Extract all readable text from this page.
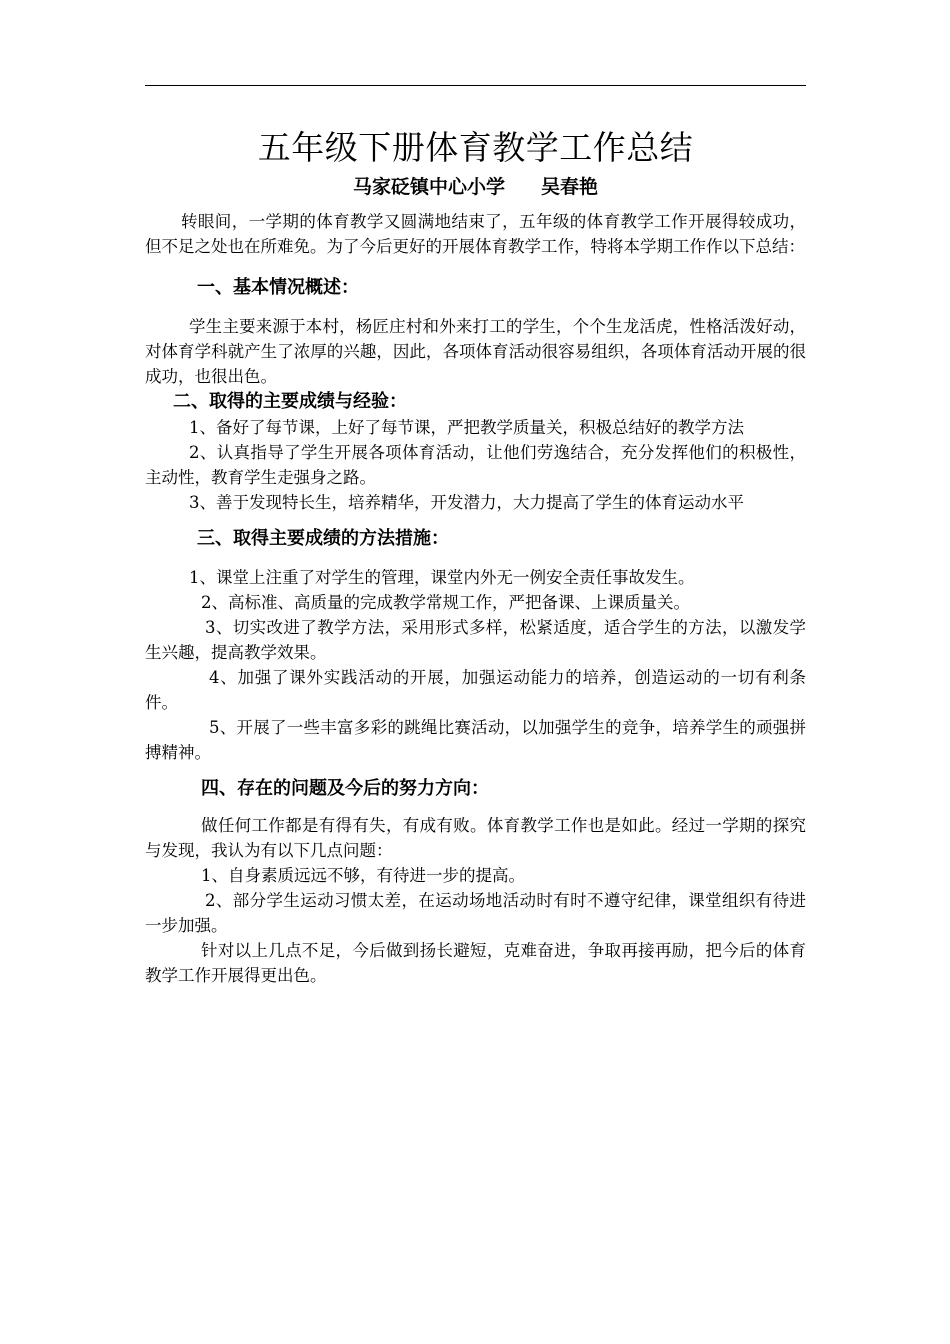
五年级下册体育教学工作总结
马家砭镇中心小学 吴春艳

转眼间，一学期的体育教学又圆满地结束了，五年级的体育教学工作开展得较成功，但不足之处也在所难免。为了今后更好的开展体育教学工作，特将本学期工作作以下总结：

一、基本情况概述：

学生主要来源于本村，杨匠庄村和外来打工的学生，个个生龙活虎，性格活泼好动，对体育学科就产生了浓厚的兴趣，因此，各项体育活动很容易组织，各项体育活动开展的很成功，也很出色。

二、取得的主要成绩与经验：

1、备好了每节课，上好了每节课，严把教学质量关，积极总结好的教学方法

2、认真指导了学生开展各项体育活动，让他们劳逸结合，充分发挥他们的积极性，主动性，教育学生走强身之路。

3、善于发现特长生，培养精华，开发潜力，大力提高了学生的体育运动水平

三、取得主要成绩的方法措施：

1、课堂上注重了对学生的管理，课堂内外无一例安全责任事故发生。

2、高标准、高质量的完成教学常规工作，严把备课、上课质量关。

3、切实改进了教学方法，采用形式多样，松紧适度，适合学生的方法，以激发学生兴趣，提高教学效果。

4、加强了课外实践活动的开展，加强运动能力的培养，创造运动的一切有利条件。

5、开展了一些丰富多彩的跳绳比赛活动，以加强学生的竞争，培养学生的顽强拼搏精神。

四、存在的问题及今后的努力方向：

做任何工作都是有得有失，有成有败。体育教学工作也是如此。经过一学期的探究与发现，我认为有以下几点问题：

1、自身素质远远不够，有待进一步的提高。

2、部分学生运动习惯太差，在运动场地活动时有时不遵守纪律，课堂组织有待进一步加强。

针对以上几点不足，今后做到扬长避短，克难奋进，争取再接再励，把今后的体育教学工作开展得更出色。
